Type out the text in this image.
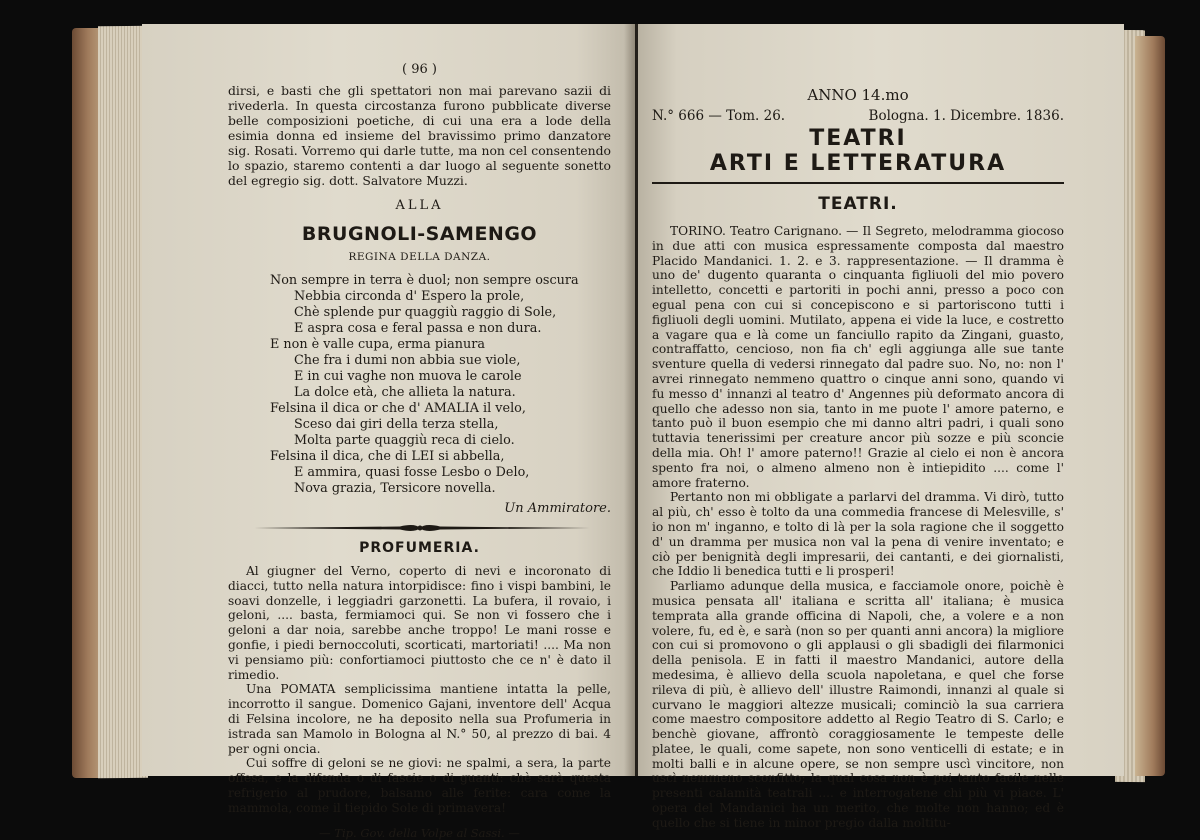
( 96 )

dirsi, e basti che gli spettatori non mai parevano sazii di rivederla. In questa circostanza furono pubblicate diverse belle composizioni poetiche, di cui una era a lode della esimia donna ed insieme del bravissimo primo danzatore sig. Rosati. Vorremo qui darle tutte, ma non cel consentendo lo spazio, staremo contenti a dar luogo al seguente sonetto del egregio sig. dott. Salvatore Muzzi.

ALLA
BRUGNOLI-SAMENGO
REGINA DELLA DANZA.
Non sempre in terra è duol; non sempre oscura
Nebbia circonda d' Espero la prole,
Chè splende pur quaggiù raggio di Sole,
E aspra cosa e feral passa e non dura.
E non è valle cupa, erma pianura
Che fra i dumi non abbia sue viole,
E in cui vaghe non muova le carole
La dolce età, che allieta la natura.
Felsina il dica or che d' AMALIA il velo,
Sceso dai giri della terza stella,
Molta parte quaggiù reca di cielo.
Felsina il dica, che di LEI si abbella,
E ammira, quasi fosse Lesbo o Delo,
Nova grazia, Tersicore novella.
Un Ammiratore.
PROFUMERIA.

Al giugner del Verno, coperto di nevi e incoronato di diacci, tutto nella natura intorpidisce: fino i vispi bambini, le soavi donzelle, i leggiadri garzonetti. La bufera, il rovaio, i geloni, .... basta, fermiamoci qui. Se non vi fossero che i geloni a dar noia, sarebbe anche troppo! Le mani rosse e gonfie, i piedi bernoccoluti, scorticati, martoriati! .... Ma non vi pensiamo più: confortiamoci piuttosto che ce n' è dato il rimedio.

Una POMATA semplicissima mantiene intatta la pelle, incorrotto il sangue. Domenico Gajani, inventore dell' Acqua di Felsina incolore, ne ha deposito nella sua Profumeria in istrada san Mamolo in Bologna al N.° 50, al prezzo di bai. 4 per ogni oncia.

Cui soffre di geloni se ne giovi: ne spalmi, a sera, la parte offesa, e la difenda o di fascie o di guanti: chè sarà questa refrigerio al prudore, balsamo alle ferite: cara come la mammola, come il tiepido Sole di primavera!

— Tip. Gov. della Volpe al Sassi. —
ANNO 14.mo
N.° 666 — Tom. 26.	Bologna. 1. Dicembre. 1836.
TEATRI
ARTI E LETTERATURA
TEATRI.

TORINO. Teatro Carignano. — Il Segreto, melodramma giocoso in due atti con musica espressamente composta dal maestro Placido Mandanici. 1. 2. e 3. rappresentazione. — Il dramma è uno de' dugento quaranta o cinquanta figliuoli del mio povero intelletto, concetti e partoriti in pochi anni, presso a poco con egual pena con cui si concepiscono e si partoriscono tutti i figliuoli degli uomini. Mutilato, appena ei vide la luce, e costretto a vagare qua e là come un fanciullo rapito da Zingani, guasto, contraffatto, cencioso, non fia ch' egli aggiunga alle sue tante sventure quella di vedersi rinnegato dal padre suo. No, no: non l' avrei rinnegato nemmeno quattro o cinque anni sono, quando vi fu messo d' innanzi al teatro d' Angennes più deformato ancora di quello che adesso non sia, tanto in me puote l' amore paterno, e tanto può il buon esempio che mi danno altri padri, i quali sono tuttavia tenerissimi per creature ancor più sozze e più sconcie della mia. Oh! l' amore paterno!! Grazie al cielo ei non è ancora spento fra noi, o almeno almeno non è intiepidito .... come l' amore fraterno.

Pertanto non mi obbligate a parlarvi del dramma. Vi dirò, tutto al più, ch' esso è tolto da una commedia francese di Melesville, s' io non m' inganno, e tolto di là per la sola ragione che il soggetto d' un dramma per musica non val la pena di venire inventato; e ciò per benignità degli impresarii, dei cantanti, e dei giornalisti, che Iddio li benedica tutti e li prosperi!

Parliamo adunque della musica, e facciamole onore, poichè è musica pensata all' italiana e scritta all' italiana; è musica temprata alla grande officina di Napoli, che, a volere e a non volere, fu, ed è, e sarà (non so per quanti anni ancora) la migliore con cui si promovono o gli applausi o gli sbadigli dei filarmonici della penisola. E in fatti il maestro Mandanici, autore della medesima, è allievo della scuola napoletana, e quel che forse rileva di più, è allievo dell' illustre Raimondi, innanzi al quale si curvano le maggiori altezze musicali; cominciò la sua carriera come maestro compositore addetto al Regio Teatro di S. Carlo; e benchè giovane, affrontò coraggiosamente le tempeste delle platee, le quali, come sapete, non sono venticelli di estate; e in molti balli e in alcune opere, se non sempre uscì vincitore, non uscì nemmeno sconfitto; la qual cosa non è poi tanto facile nelle presenti calamità teatrali .... e interrogatene chi più vi piace. L' opera del Mandanici ha un merito, che molte non hanno; ed è quello che si tiene in minor pregio dalla moltitu-
